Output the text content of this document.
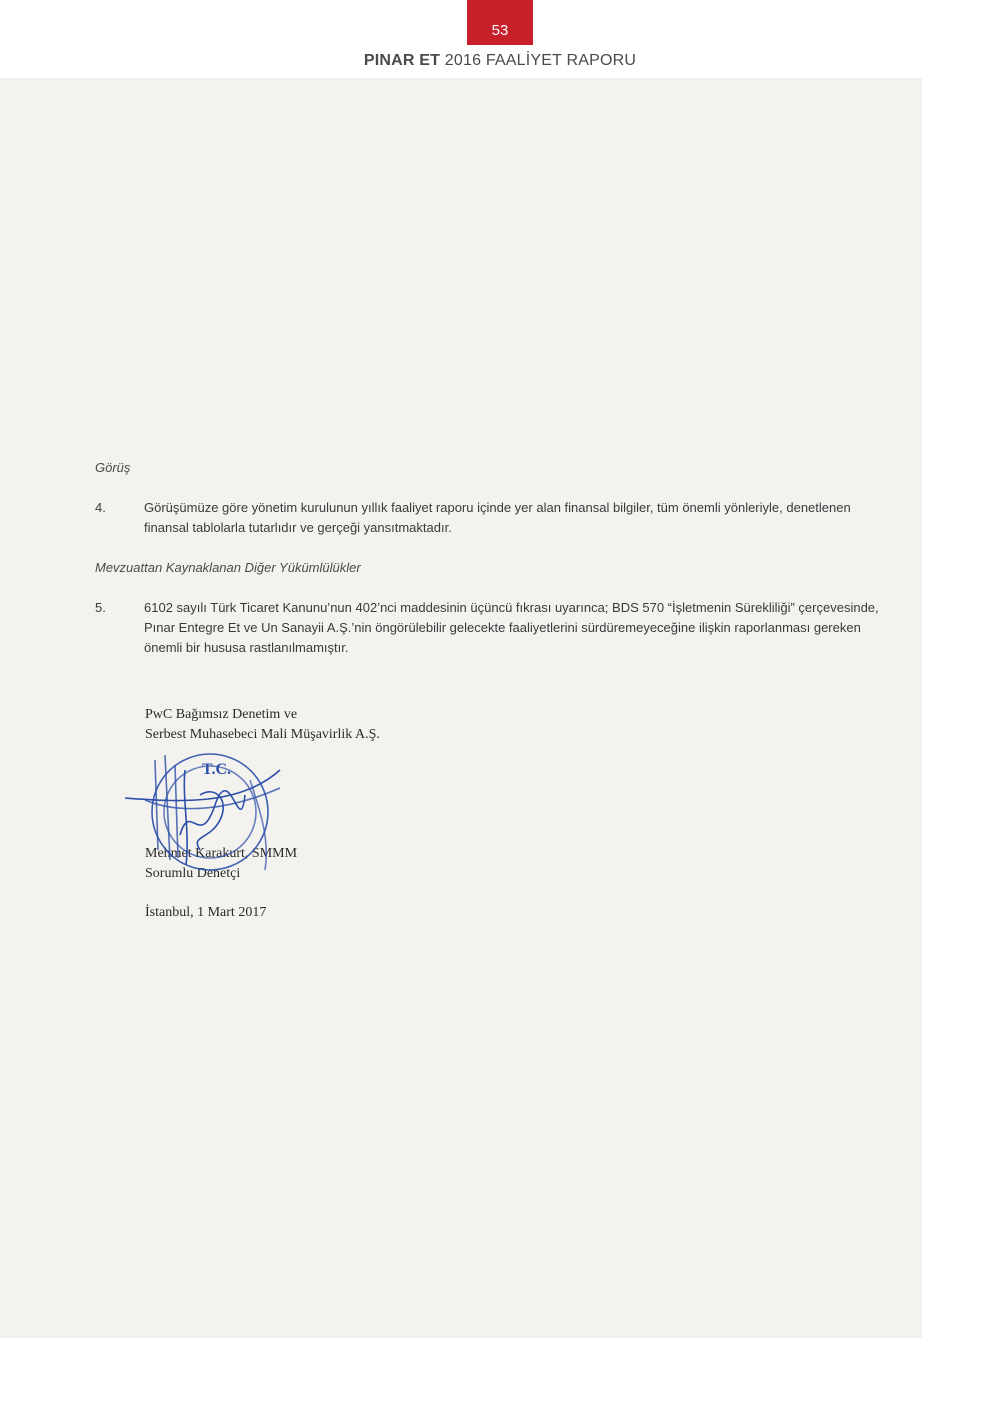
53
PINAR ET 2016 FAALİYET RAPORU
Görüş
4.	Görüşümüze göre yönetim kurulunun yıllık faaliyet raporu içinde yer alan finansal bilgiler, tüm önemli yönleriyle, denetlenen finansal tablolarla tutarlıdır ve gerçeği yansıtmaktadır.
Mevzuattan Kaynaklanan Diğer Yükümlülükler
5.	6102 sayılı Türk Ticaret Kanunu’nun 402’nci maddesinin üçüncü fıkrası uyarınca; BDS 570 “İşletmenin Sürekliliği” çerçevesinde, Pınar Entegre Et ve Un Sanayii A.Ş.’nin öngörülebilir gelecekte faaliyetlerini sürdüremeyeceğine ilişkin raporlanması gereken önemli bir hususa rastlanılmamıştır.
PwC Bağımsız Denetim ve
Serbest Muhasebeci Mali Müşavirlik A.Ş.
Mehmet Karakurt, SMMM
Sorumlu Denetçi
İstanbul, 1 Mart 2017
T.C.
